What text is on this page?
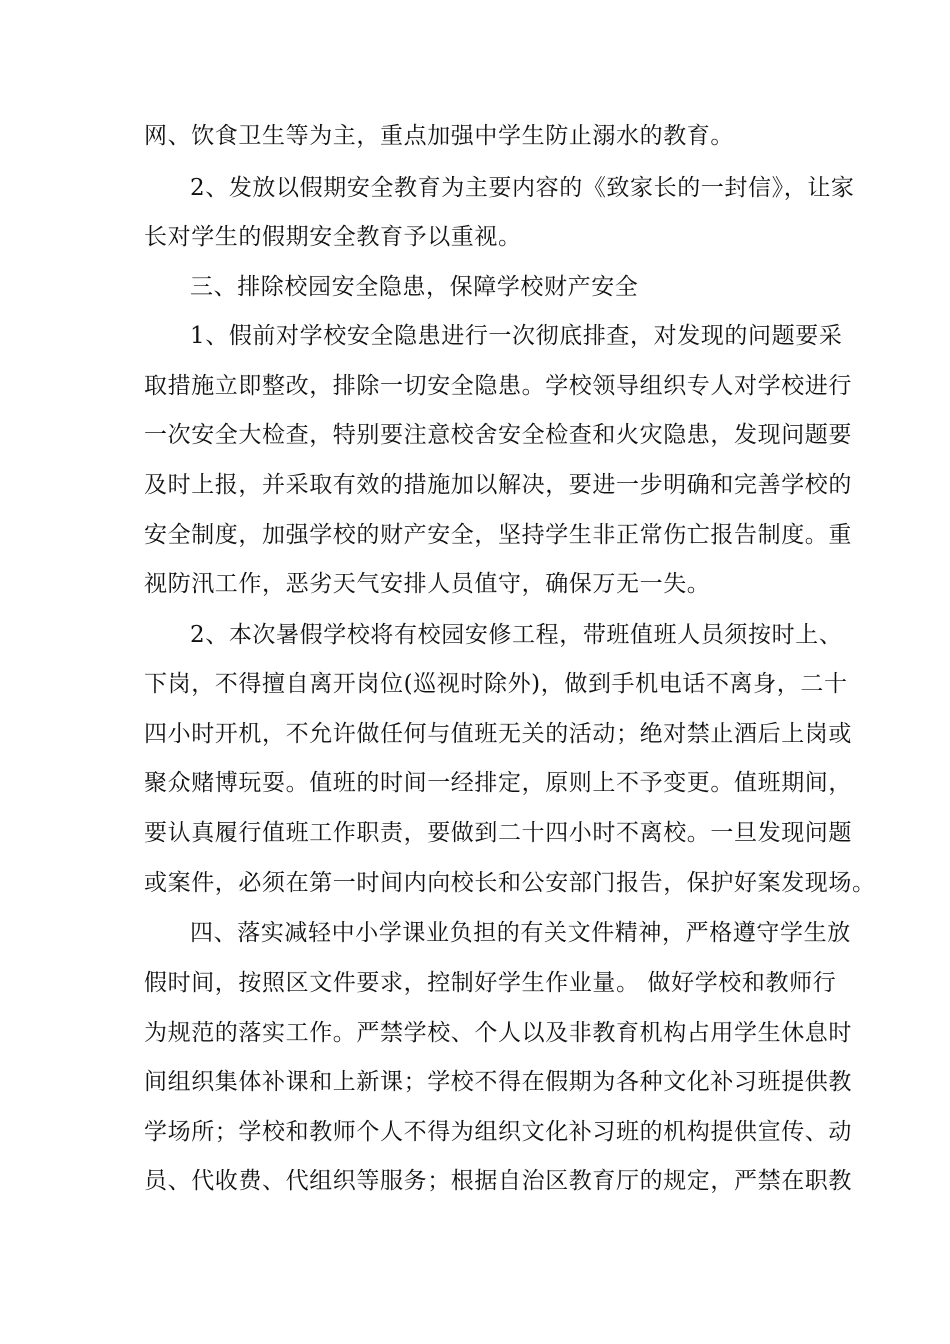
网、饮食卫生等为主，重点加强中学生防止溺水的教育。
2、发放以假期安全教育为主要内容的《致家长的一封信》，让家
长对学生的假期安全教育予以重视。
三、排除校园安全隐患，保障学校财产安全
1、假前对学校安全隐患进行一次彻底排查，对发现的问题要采
取措施立即整改，排除一切安全隐患。学校领导组织专人对学校进行
一次安全大检查，特别要注意校舍安全检查和火灾隐患，发现问题要
及时上报，并采取有效的措施加以解决，要进一步明确和完善学校的
安全制度，加强学校的财产安全，坚持学生非正常伤亡报告制度。重
视防汛工作，恶劣天气安排人员值守，确保万无一失。
2、本次暑假学校将有校园安修工程，带班值班人员须按时上、
下岗，不得擅自离开岗位(巡视时除外)，做到手机电话不离身，二十
四小时开机，不允许做任何与值班无关的活动；绝对禁止酒后上岗或
聚众赌博玩耍。值班的时间一经排定，原则上不予变更。值班期间，
要认真履行值班工作职责，要做到二十四小时不离校。一旦发现问题
或案件，必须在第一时间内向校长和公安部门报告，保护好案发现场。
四、落实减轻中小学课业负担的有关文件精神，严格遵守学生放
假时间，按照区文件要求，控制好学生作业量。 做好学校和教师行
为规范的落实工作。严禁学校、个人以及非教育机构占用学生休息时
间组织集体补课和上新课；学校不得在假期为各种文化补习班提供教
学场所；学校和教师个人不得为组织文化补习班的机构提供宣传、动
员、代收费、代组织等服务；根据自治区教育厅的规定，严禁在职教
